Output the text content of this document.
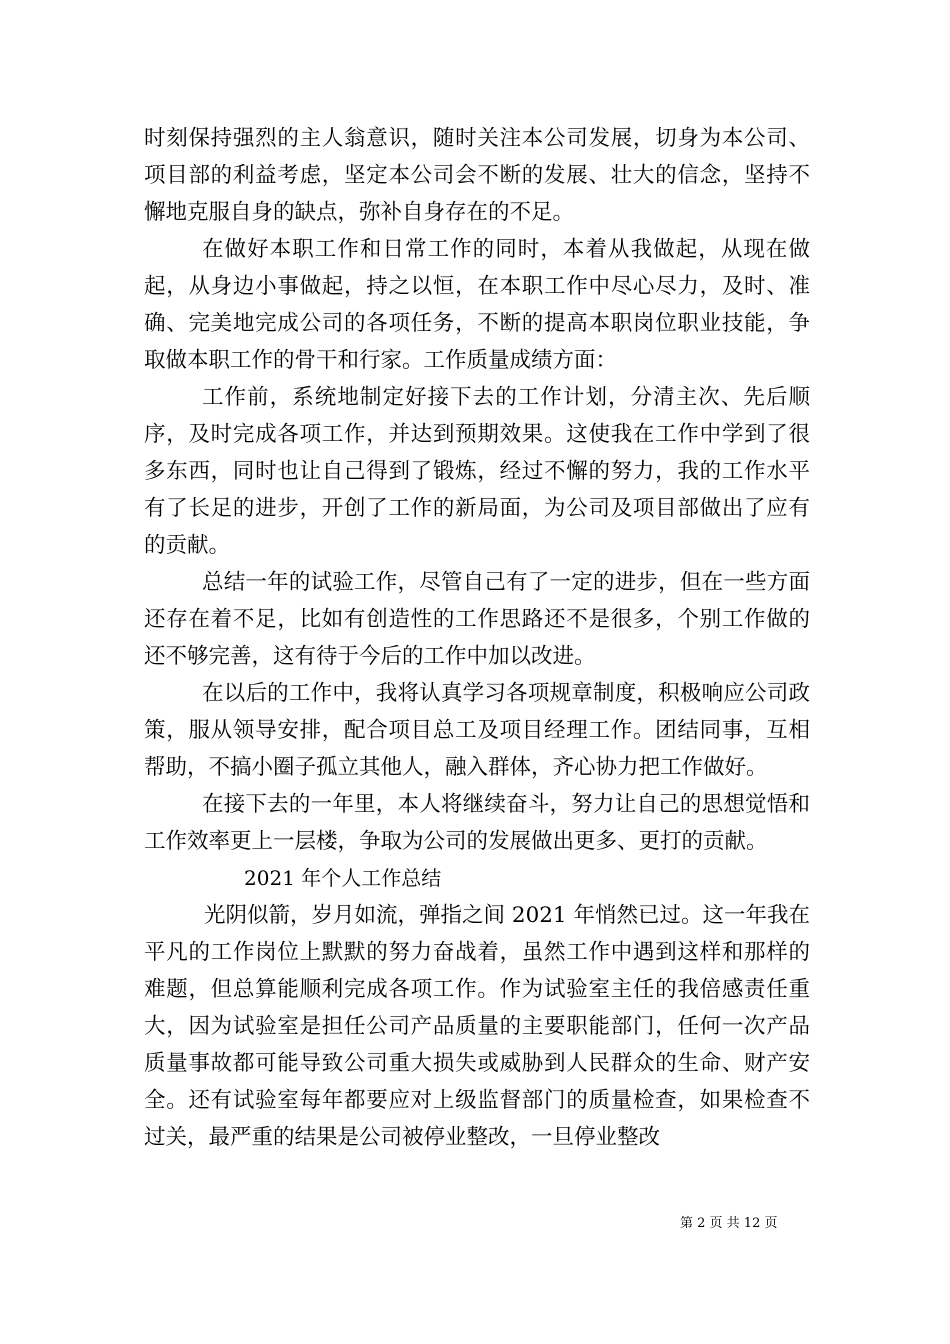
时刻保持强烈的主人翁意识，随时关注本公司发展，切身为本公司、项目部的利益考虑，坚定本公司会不断的发展、壮大的信念，坚持不懈地克服自身的缺点，弥补自身存在的不足。

在做好本职工作和日常工作的同时，本着从我做起，从现在做起，从身边小事做起，持之以恒，在本职工作中尽心尽力，及时、准确、完美地完成公司的各项任务，不断的提高本职岗位职业技能，争取做本职工作的骨干和行家。工作质量成绩方面：

工作前，系统地制定好接下去的工作计划，分清主次、先后顺序，及时完成各项工作，并达到预期效果。这使我在工作中学到了很多东西，同时也让自己得到了锻炼，经过不懈的努力，我的工作水平有了长足的进步，开创了工作的新局面，为公司及项目部做出了应有的贡献。

总结一年的试验工作，尽管自己有了一定的进步，但在一些方面还存在着不足，比如有创造性的工作思路还不是很多，个别工作做的还不够完善，这有待于今后的工作中加以改进。

在以后的工作中，我将认真学习各项规章制度，积极响应公司政策，服从领导安排，配合项目总工及项目经理工作。团结同事，互相帮助，不搞小圈子孤立其他人，融入群体，齐心协力把工作做好。

在接下去的一年里，本人将继续奋斗，努力让自己的思想觉悟和工作效率更上一层楼，争取为公司的发展做出更多、更打的贡献。

2021 年个人工作总结

光阴似箭，岁月如流，弹指之间 2021 年悄然已过。这一年我在平凡的工作岗位上默默的努力奋战着，虽然工作中遇到这样和那样的难题，但总算能顺利完成各项工作。作为试验室主任的我倍感责任重大，因为试验室是担任公司产品质量的主要职能部门，任何一次产品质量事故都可能导致公司重大损失或威胁到人民群众的生命、财产安全。还有试验室每年都要应对上级监督部门的质量检查，如果检查不过关，最严重的结果是公司被停业整改，一旦停业整改

第 2 页 共 12 页
